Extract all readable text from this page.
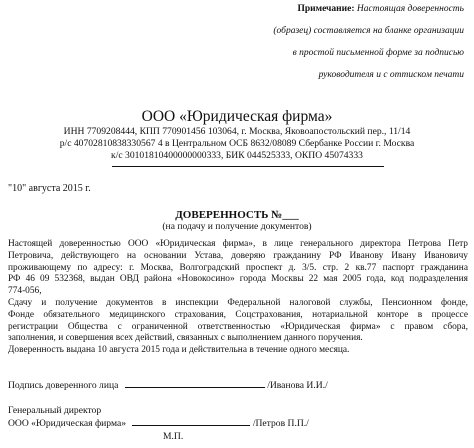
Примечание: Настоящая доверенность
(образец) составляется на бланке организации
в простой письменной форме за подписью
руководителя и с оттиском печати
ООО «Юридическая фирма»
ИНН 7709208444, КПП 770901456 103064, г. Москва, Яковоапостольский пер., 11/14
р/с 40702810838330567 4 в Центральном ОСБ 8632/08089 Сбербанке России г. Москва
к/с 30101810400000000333, БИК 044525333, ОКПО 45074333
"10" августа 2015 г.
ДОВЕРЕННОСТЬ №___
(на подачу и получение документов)
Настоящей доверенностью ООО «Юридическая фирма», в лице генерального директора Петрова Петр
Петровича, действующего на основании Устава, доверяю гражданину РФ Иванову Ивану Ивановичу
проживающему по адресу: г. Москва, Волгоградский проспект д. 3/5. стр. 2 кв.77 паспорт гражданина
РФ 46 09 532368, выдан ОВД района «Новокосино» города Москвы 22 мая 2005 года, код подразделения
774-056,
Сдачу и получение документов в инспекции Федеральной налоговой службы, Пенсионном фонде,
Фонде обязательного медицинского страхования, Соцстрахования, нотариальной конторе в процессе
регистрации Общества с ограниченной ответственностью «Юридическая фирма» с правом сбора,
заполнения, и совершения всех действий, связанных с выполнением данного поручения.
Доверенность выдана 10 августа 2015 года и действительна в течение одного месяца.
Подпись доверенного лица	/Иванова И.И./
Генеральный директор
ООО «Юридическая фирма»	/Петров П.П./
М.П.
